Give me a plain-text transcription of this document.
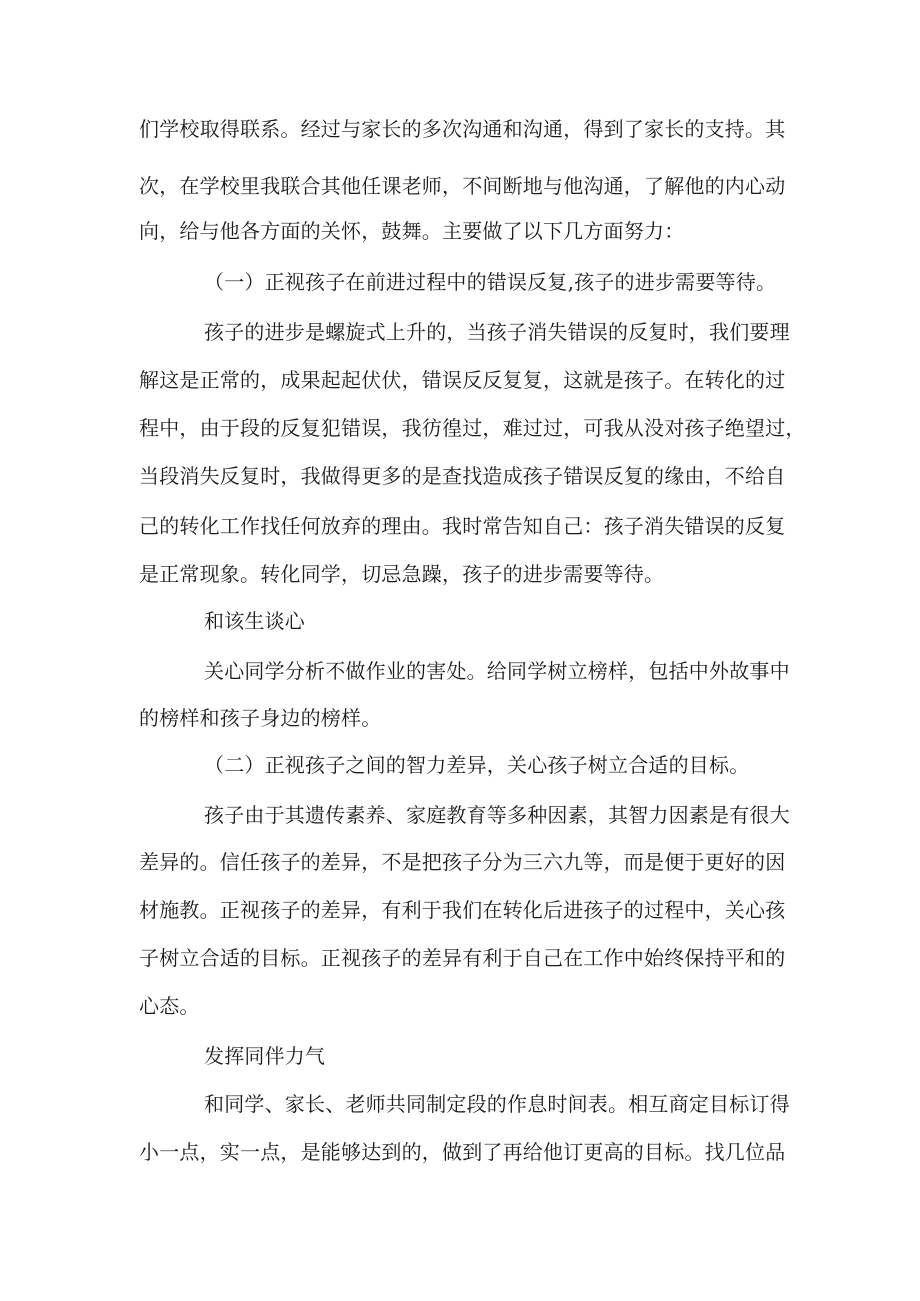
们学校取得联系。经过与家长的多次沟通和沟通，得到了家长的支持。其
次，在学校里我联合其他任课老师，不间断地与他沟通，了解他的内心动
向，给与他各方面的关怀，鼓舞。主要做了以下几方面努力：
（一）正视孩子在前进过程中的错误反复,孩子的进步需要等待。
孩子的进步是螺旋式上升的，当孩子消失错误的反复时，我们要理
解这是正常的，成果起起伏伏，错误反反复复，这就是孩子。在转化的过
程中，由于段的反复犯错误，我彷徨过，难过过，可我从没对孩子绝望过，
当段消失反复时，我做得更多的是查找造成孩子错误反复的缘由，不给自
己的转化工作找任何放弃的理由。我时常告知自己：孩子消失错误的反复
是正常现象。转化同学，切忌急躁，孩子的进步需要等待。
和该生谈心
关心同学分析不做作业的害处。给同学树立榜样，包括中外故事中
的榜样和孩子身边的榜样。
（二）正视孩子之间的智力差异，关心孩子树立合适的目标。
孩子由于其遗传素养、家庭教育等多种因素，其智力因素是有很大
差异的。信任孩子的差异，不是把孩子分为三六九等，而是便于更好的因
材施教。正视孩子的差异，有利于我们在转化后进孩子的过程中，关心孩
子树立合适的目标。正视孩子的差异有利于自己在工作中始终保持平和的
心态。
发挥同伴力气
和同学、家长、老师共同制定段的作息时间表。相互商定目标订得
小一点，实一点，是能够达到的，做到了再给他订更高的目标。找几位品
